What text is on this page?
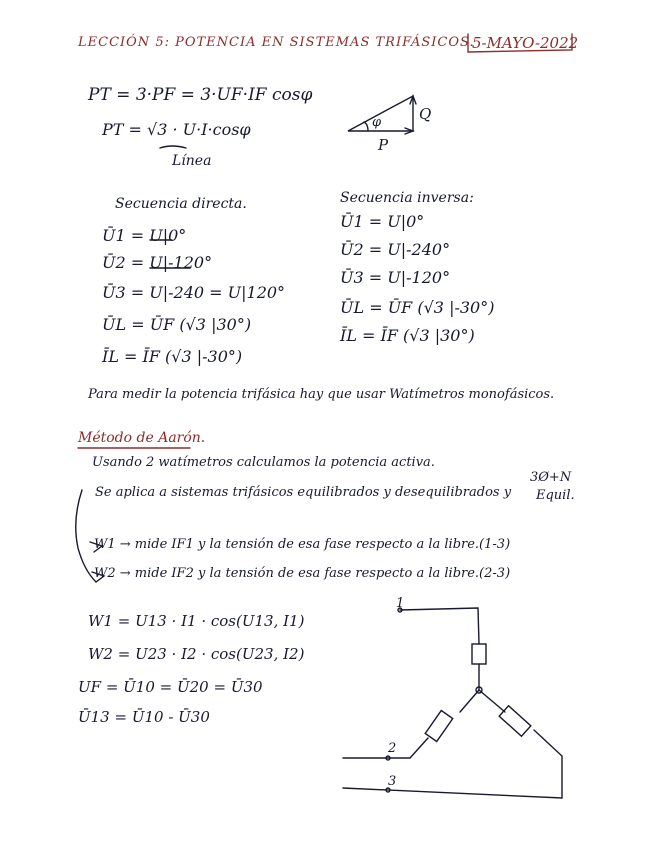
LECCIÓN 5: POTENCIA EN SISTEMAS TRIFÁSICOS.
5-MAYO-2022
PT = 3·PF = 3·UF·IF cosφ
PT = √3 · U·I·cosφ
Línea
Q
P
φ
Secuencia directa.
Ū1 = U|0°
Ū2 = U|-120°
Ū3 = U|-240 = U|120°
ŪL = ŪF (√3 |30°)
ĪL = ĪF (√3 |-30°)
Secuencia inversa:
Ū1 = U|0°
Ū2 = U|-240°
Ū3 = U|-120°
ŪL = ŪF (√3 |-30°)
ĪL = ĪF (√3 |30°)
Para medir la potencia trifásica hay que usar Watímetros monofásicos.
Método de Aarón.
Usando 2 watímetros calculamos la potencia activa.
Se aplica a sistemas trifásicos equilibrados y desequilibrados y
3Ø+N
Equil.
W1 → mide IF1 y la tensión de esa fase respecto a la libre.(1-3)
W2 → mide IF2 y la tensión de esa fase respecto a la libre.(2-3)
W1 = U13 · I1 · cos(U13, I1)
W2 = U23 · I2 · cos(U23, I2)
UF = Ū10 = Ū20 = Ū30
Ū13 = Ū10 - Ū30
1
2
3
